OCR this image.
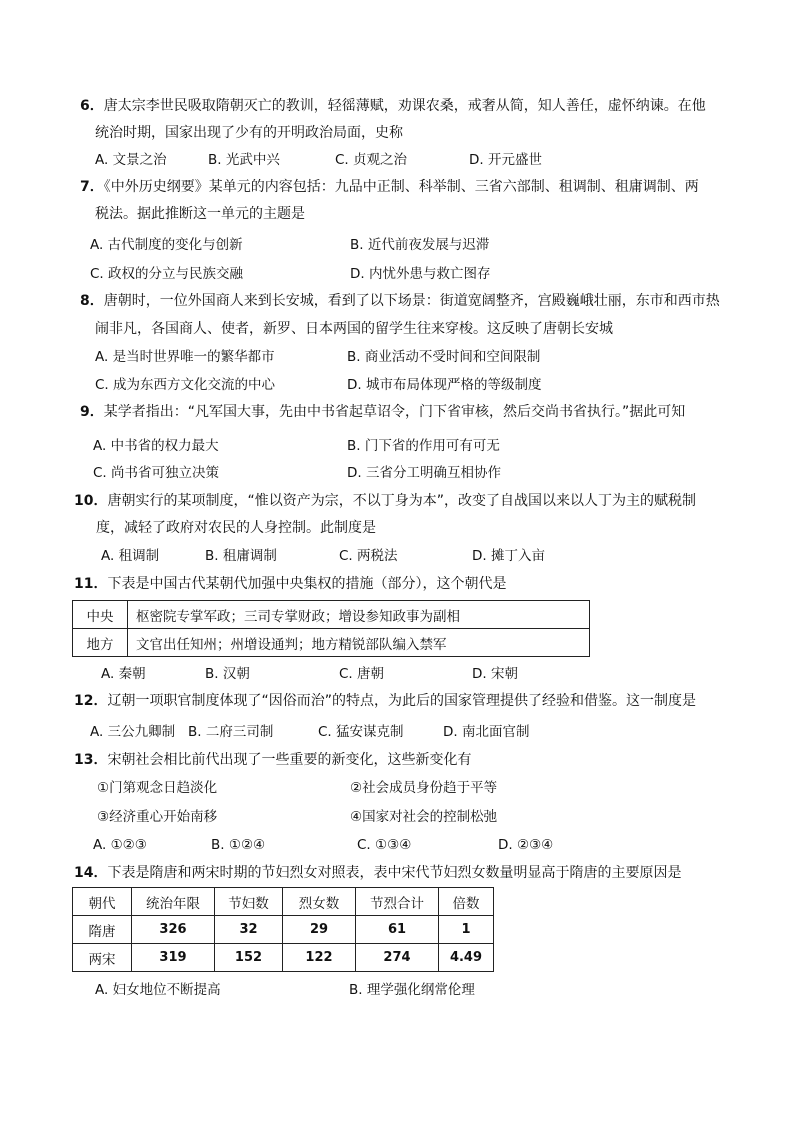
6．唐太宗李世民吸取隋朝灭亡的教训，轻徭薄赋，劝课农桑，戒奢从简，知人善任，虚怀纳谏。在他
统治时期，国家出现了少有的开明政治局面，史称
A. 文景之治	B. 光武中兴	C. 贞观之治	D. 开元盛世
7．《中外历史纲要》某单元的内容包括：九品中正制、科举制、三省六部制、租调制、租庸调制、两
税法。据此推断这一单元的主题是
A. 古代制度的变化与创新	B. 近代前夜发展与迟滞
C. 政权的分立与民族交融	D. 内忧外患与救亡图存
8．唐朝时，一位外国商人来到长安城，看到了以下场景：街道宽阔整齐，宫殿巍峨壮丽，东市和西市热
闹非凡，各国商人、使者，新罗、日本两国的留学生往来穿梭。这反映了唐朝长安城
A. 是当时世界唯一的繁华都市	B. 商业活动不受时间和空间限制
C. 成为东西方文化交流的中心	D. 城市布局体现严格的等级制度
9．某学者指出：“凡军国大事，先由中书省起草诏令，门下省审核，然后交尚书省执行。”据此可知
A. 中书省的权力最大	B. 门下省的作用可有可无
C. 尚书省可独立决策	D. 三省分工明确互相协作
10．唐朝实行的某项制度，“惟以资产为宗，不以丁身为本”，改变了自战国以来以人丁为主的赋税制
度，减轻了政府对农民的人身控制。此制度是
A. 租调制	B. 租庸调制	C. 两税法	D. 摊丁入亩
11．下表是中国古代某朝代加强中央集权的措施（部分），这个朝代是
中央	枢密院专掌军政；三司专掌财政；增设参知政事为副相
地方	文官出任知州；州增设通判；地方精锐部队编入禁军
A. 秦朝	B. 汉朝	C. 唐朝	D. 宋朝
12．辽朝一项职官制度体现了“因俗而治”的特点，为此后的国家管理提供了经验和借鉴。这一制度是
A. 三公九卿制 B. 二府三司制	C. 猛安谋克制	D. 南北面官制
13．宋朝社会相比前代出现了一些重要的新变化，这些新变化有
①门第观念日趋淡化	②社会成员身份趋于平等
③经济重心开始南移	④国家对社会的控制松弛
A. ①②③	B. ①②④	C. ①③④	D. ②③④
14．下表是隋唐和两宋时期的节妇烈女对照表，表中宋代节妇烈女数量明显高于隋唐的主要原因是
朝代	统治年限	节妇数	烈女数	节烈合计	倍数
隋唐	326	32	29	61	1
两宋	319	152	122	274	4.49
A. 妇女地位不断提高	B. 理学强化纲常伦理
